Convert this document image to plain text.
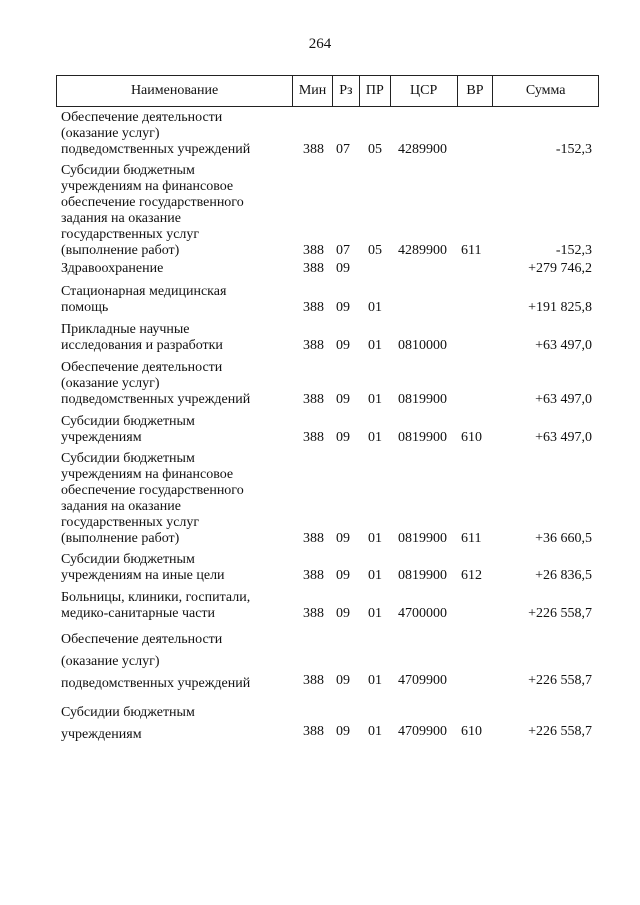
264
Наименование	Мин Рз ПР	ЦСР	ВР	Сумма
Обеспечение деятельности
(оказание услуг)
подведомственных учреждений	388 07 05 4289900	-152,3
Субсидии бюджетным
учреждениям на финансовое
обеспечение государственного
задания на оказание
государственных услуг
(выполнение работ)	388 07 05 4289900 611	-152,3
Здравоохранение	388 09	+279 746,2
Стационарная медицинская
помощь	388 09 01	+191 825,8
Прикладные научные
исследования и разработки	388 09 01 0810000	+63 497,0
Обеспечение деятельности
(оказание услуг)
подведомственных учреждений	388 09 01 0819900	+63 497,0
Субсидии бюджетным
учреждениям	388 09 01 0819900 610	+63 497,0
Субсидии бюджетным
учреждениям на финансовое
обеспечение государственного
задания на оказание
государственных услуг
(выполнение работ)	388 09 01 0819900 611	+36 660,5
Субсидии бюджетным
учреждениям на иные цели	388 09 01 0819900 612	+26 836,5
Больницы, клиники, госпитали,
медико-санитарные части	388 09 01 4700000	+226 558,7
Обеспечение деятельности
(оказание услуг)
подведомственных учреждений	388 09 01 4709900	+226 558,7
Субсидии бюджетным
учреждениям	388 09 01 4709900 610	+226 558,7
